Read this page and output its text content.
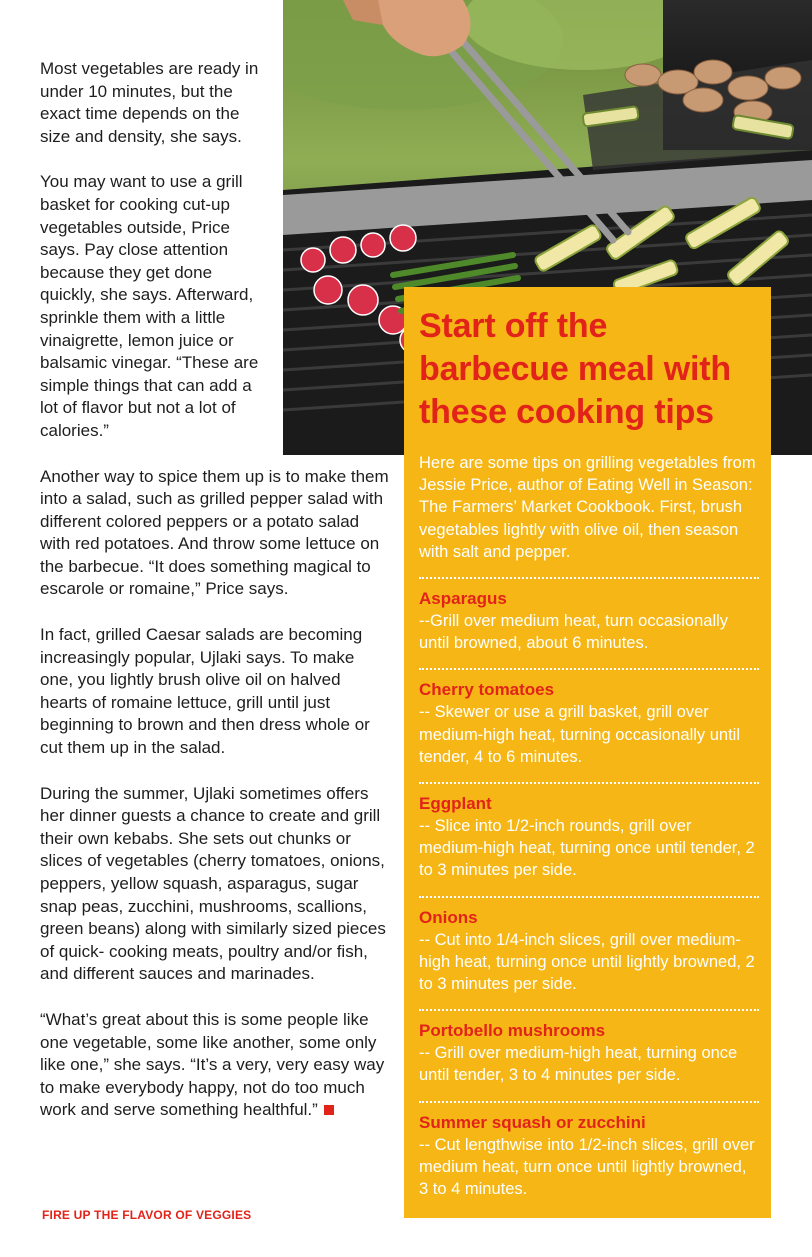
Most vegetables are ready in under 10 minutes, but the exact time depends on the size and density, she says.

You may want to use a grill basket for cooking cut-up vegetables outside, Price says. Pay close attention because they get done quickly, she says. Afterward, sprinkle them with a little vinaigrette, lemon juice or balsamic vinegar. “These are simple things that can add a lot of flavor but not a lot of calories.”

Another way to spice them up is to make them into a salad, such as grilled pepper salad with different colored peppers or a potato salad with red potatoes. And throw some lettuce on the barbecue. “It does something magical to escarole or romaine,” Price says.

In fact, grilled Caesar salads are becoming increasingly popular, Ujlaki says. To make one, you lightly brush olive oil on halved hearts of romaine lettuce, grill until just beginning to brown and then dress whole or cut them up in the salad.

During the summer, Ujlaki sometimes offers her dinner guests a chance to create and grill their own kebabs. She sets out chunks or slices of vegetables (cherry tomatoes, onions, peppers, yellow squash, asparagus, sugar snap peas, zucchini, mushrooms, scallions, green beans) along with similarly sized pieces of quick- cooking meats, poultry and/or fish, and different sauces and marinades.

“What’s great about this is some people like one vegetable, some like another, some only like one,” she says. “It’s a very, very easy way to make everybody happy, not do too much work and serve something healthful.”

FIRE UP THE FLAVOR OF VEGGIES
Start off the barbecue meal with these cooking tips

Here are some tips on grilling vegetables from Jessie Price, author of Eating Well in Season: The Farmers’ Market Cookbook. First, brush vegetables lightly with olive oil, then season with salt and pepper.

Asparagus
--Grill over medium heat, turn occasionally until browned, about 6 minutes.
Cherry tomatoes
-- Skewer or use a grill basket, grill over medium-high heat, turning occasionally until tender, 4 to 6 minutes.
Eggplant
-- Slice into 1/2-inch rounds, grill over medium-high heat, turning once until tender, 2 to 3 minutes per side.
Onions
-- Cut into 1/4-inch slices, grill over medium-high heat, turning once until lightly browned, 2 to 3 minutes per side.
Portobello mushrooms
-- Grill over medium-high heat, turning once until tender, 3 to 4 minutes per side.
Summer squash or zucchini
-- Cut lengthwise into 1/2-inch slices, grill over medium heat, turn once until lightly browned, 3 to 4 minutes.
